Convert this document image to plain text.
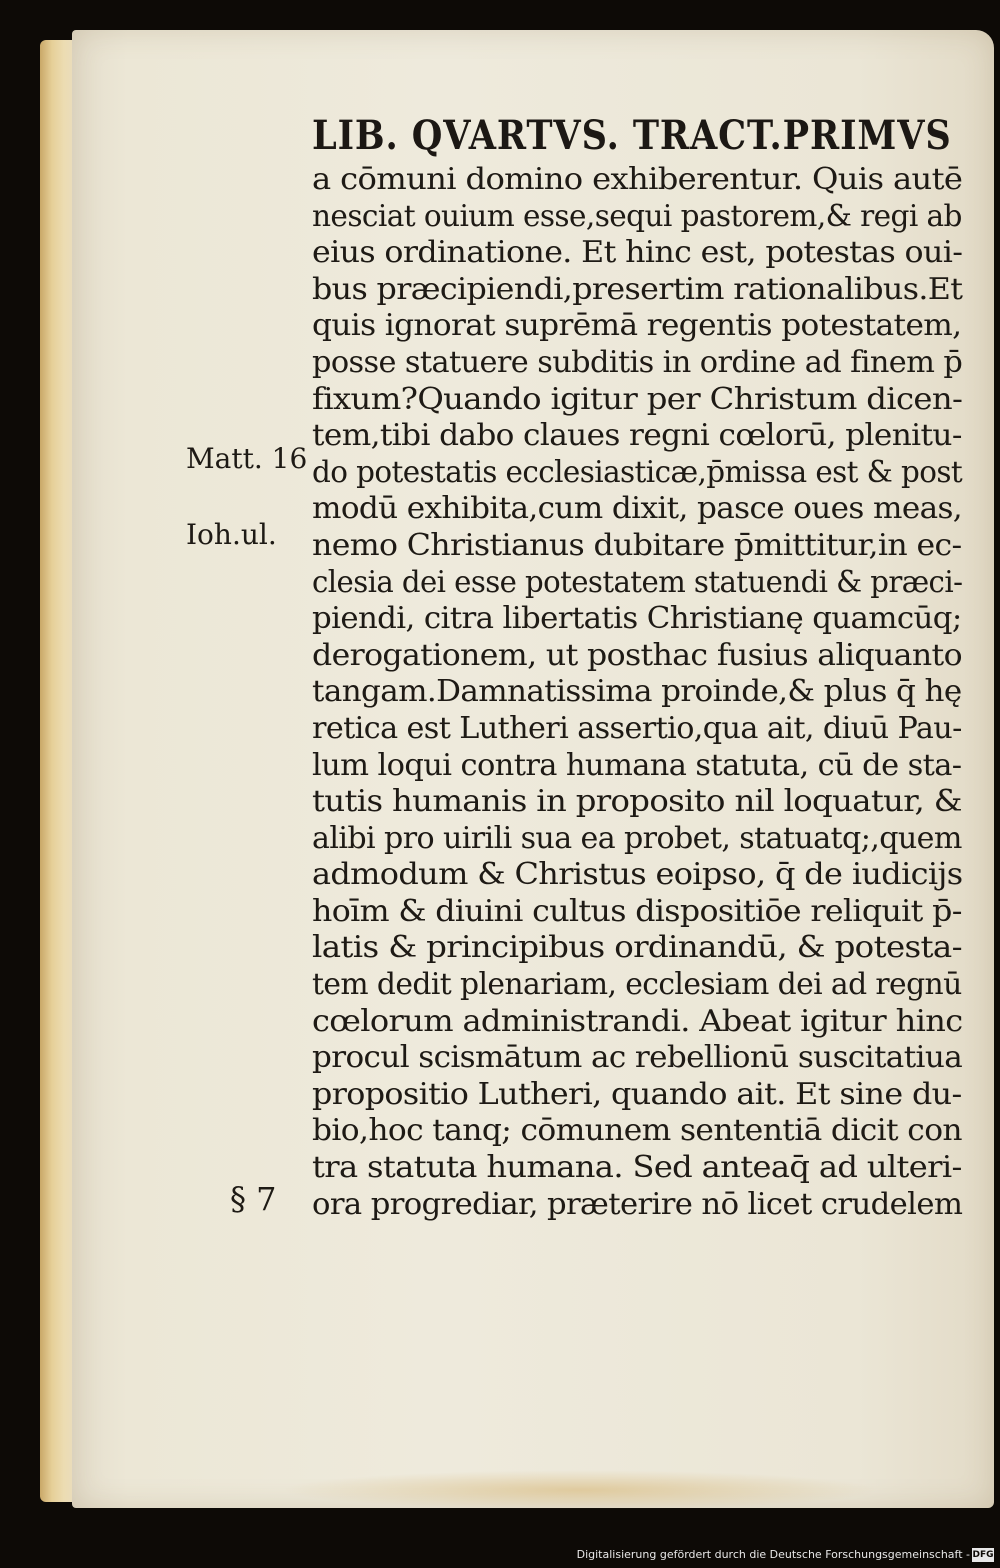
LIB. QVARTVS. TRACT.PRIMVS
a cōmuni domino exhiberentur. Quis autē
nesciat ouium esse,sequi pastorem,& regi ab
eius ordinatione. Et hinc est, potestas oui-
bus præcipiendi,presertim rationalibus.Et
quis ignorat suprēmā regentis potestatem,
posse statuere subditis in ordine ad finem p̄
fixum?Quando igitur per Christum dicen-
tem,tibi dabo claues regni cœlorū, plenitu-
do potestatis ecclesiasticæ,p̄missa est & post
modū exhibita,cum dixit, pasce oues meas,
nemo Christianus dubitare p̄mittitur,in ec-
clesia dei esse potestatem statuendi & præci-
piendi, citra libertatis Christianę quamcūq;
derogationem, ut posthac fusius aliquanto
tangam.Damnatissima proinde,& plus q̄ hę
retica est Lutheri assertio,qua ait, diuū Pau-
lum loqui contra humana statuta, cū de sta-
tutis humanis in proposito nil loquatur, &
alibi pro uirili sua ea probet, statuatq;,quem
admodum & Christus eoipso, q̄ de iudicijs
hoīm & diuini cultus dispositiōe reliquit p̄-
latis & principibus ordinandū, & potesta-
tem dedit plenariam, ecclesiam dei ad regnū
cœlorum administrandi. Abeat igitur hinc
procul scismātum ac rebellionū suscitatiua
propositio Lutheri, quando ait. Et sine du-
bio,hoc tanq; cōmunem sententiā dicit con
tra statuta humana. Sed anteaq̄ ad ulteri-
ora progrediar, præterire nō licet crudelem
Matt. 16
Ioh.ul.
§ 7
Digitalisierung gefördert durch die Deutsche Forschungsgemeinschaft - DFG
